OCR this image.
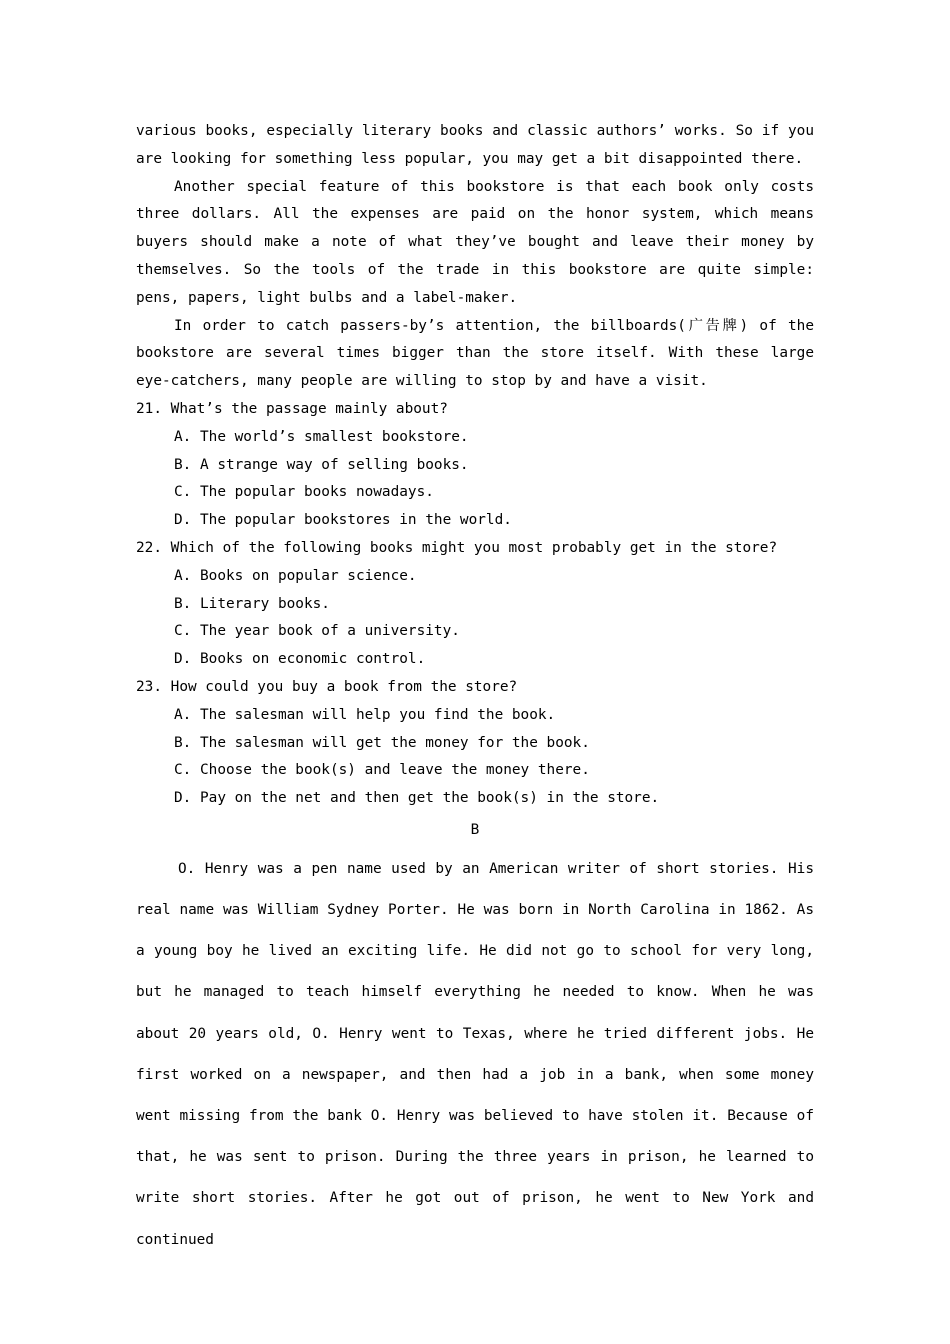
various books, especially literary books and classic authors’ works. So if you are looking for something less popular, you may get a bit disappointed there.

Another special feature of this bookstore is that each book only costs three dollars. All the expenses are paid on the honor system, which means buyers should make a note of what they’ve bought and leave their money by themselves. So the tools of the trade in this bookstore are quite simple: pens, papers, light bulbs and a label-maker.

In order to catch passers-by’s attention, the billboards(广告牌) of the bookstore are several times bigger than the store itself. With these large eye-catchers, many people are willing to stop by and have a visit.

21. What’s the passage mainly about?

A. The world’s smallest bookstore.

B. A strange way of selling books.

C. The popular books nowadays.

D. The popular bookstores in the world.

22. Which of the following books might you most probably get in the store?

A. Books on popular science.

B. Literary books.

C. The year book of a university.

D. Books on economic control.

23. How could you buy a book from the store?

A. The salesman will help you find the book.

B. The salesman will get the money for the book.

C. Choose the book(s) and leave the money there.

D. Pay on the net and then get the book(s) in the store.

B

O. Henry was a pen name used by an American writer of short stories. His real name was William Sydney Porter. He was born in North Carolina in 1862. As a young boy he lived an exciting life. He did not go to school for very long, but he managed to teach himself everything he needed to know. When he was about 20 years old, O. Henry went to Texas, where he tried different jobs. He first worked on a newspaper, and then had a job in a bank, when some money went missing from the bank O. Henry was believed to have stolen it. Because of that, he was sent to prison. During the three years in prison, he learned to write short stories. After he got out of prison, he went to New York and continued
